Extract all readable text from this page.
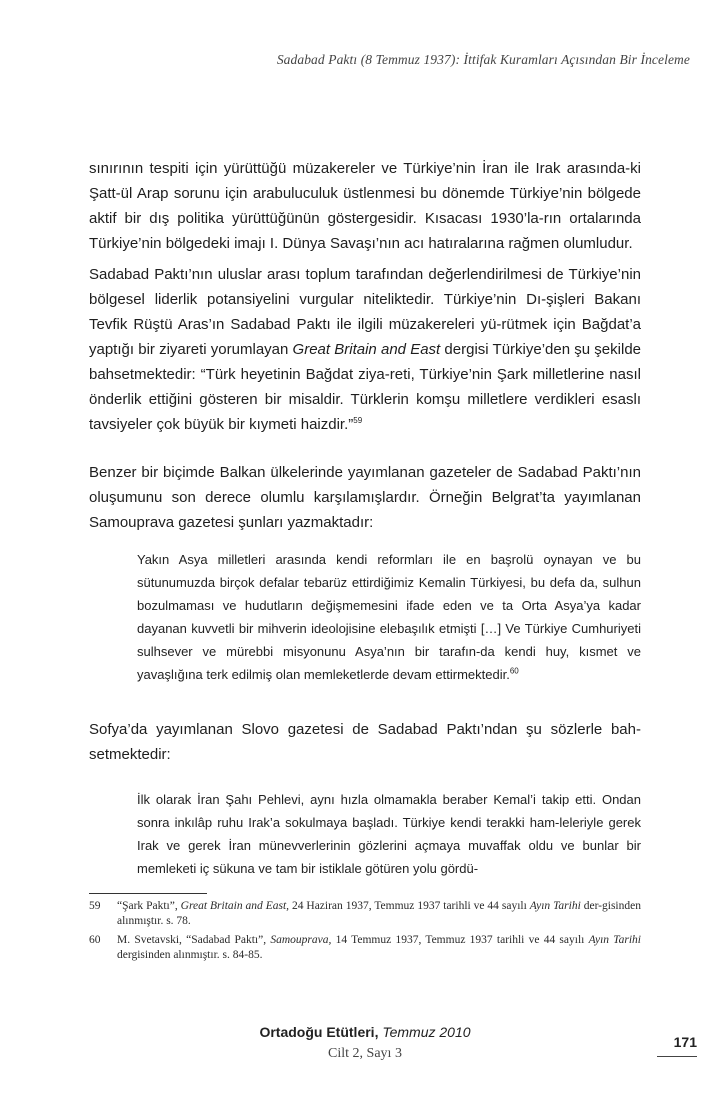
Sadabad Paktı (8 Temmuz 1937): İttifak Kuramları Açısından Bir İnceleme
sınırının tespiti için yürüttüğü müzakereler ve Türkiye’nin İran ile Irak arasında-ki Şatt-ül Arap sorunu için arabuluculuk üstlenmesi bu dönemde Türkiye’nin bölgede aktif bir dış politika yürüttüğünün göstergesidir. Kısacası 1930’la-rın ortalarında Türkiye’nin bölgedeki imajı I. Dünya Savaşı’nın acı hatıralarına rağmen olumludur.
Sadabad Paktı’nın uluslar arası toplum tarafından değerlendirilmesi de Türkiye’nin bölgesel liderlik potansiyelini vurgular niteliktedir. Türkiye’nin Dı-şişleri Bakanı Tevfik Rüştü Aras’ın Sadabad Paktı ile ilgili müzakereleri yü-rütmek için Bağdat’a yaptığı bir ziyareti yorumlayan Great Britain and East dergisi Türkiye’den şu şekilde bahsetmektedir: “Türk heyetinin Bağdat ziya-reti, Türkiye’nin Şark milletlerine nasıl önderlik ettiğini gösteren bir misaldir. Türklerin komşu milletlere verdikleri esaslı tavsiyeler çok büyük bir kıymeti haizdir.”$^{59}$
Benzer bir biçimde Balkan ülkelerinde yayımlanan gazeteler de Sadabad Paktı’nın oluşumunu son derece olumlu karşılamışlardır. Örneğin Belgrat’ta yayımlanan Samouprava gazetesi şunları yazmaktadır:
Yakın Asya milletleri arasında kendi reformları ile en başrolü oynayan ve bu sütunumuzda birçok defalar tebarüz ettirdiğimiz Kemalin Türkiyesi, bu defa da, sulhun bozulmaması ve hudutların değişmemesini ifade eden ve ta Orta Asya’ya kadar dayanan kuvvetli bir mihverin ideolojisine elebaşılık etmişti […] Ve Türkiye Cumhuriyeti sulhsever ve mürebbi misyonunu Asya’nın bir tarafın-da kendi huy, kısmet ve yavaşlığına terk edilmiş olan memleketlerde devam ettirmektedir.$^{60}$
Sofya’da yayımlanan Slovo gazetesi de Sadabad Paktı’ndan şu sözlerle bah-setmektedir:
İlk olarak İran Şahı Pehlevi, aynı hızla olmamakla beraber Kemal’i takip etti. Ondan sonra inkılâp ruhu Irak’a sokulmaya başladı. Türkiye kendi terakki ham-leleriyle gerek Irak ve gerek İran münevverlerinin gözlerini açmaya muvaffak oldu ve bunlar bir memleketi iç sükuna ve tam bir istiklale götüren yolu gördü-
59	“Şark Paktı”, Great Britain and East, 24 Haziran 1937, Temmuz 1937 tarihli ve 44 sayılı Ayın Tarihi der-gisinden alınmıştır. s. 78.
60	M. Svetavski, “Sadabad Paktı”, Samouprava, 14 Temmuz 1937, Temmuz 1937 tarihli ve 44 sayılı Ayın Tarihi dergisinden alınmıştır. s. 84-85.
Ortadoğu Etütleri, Temmuz 2010
Cilt 2, Sayı 3
171
